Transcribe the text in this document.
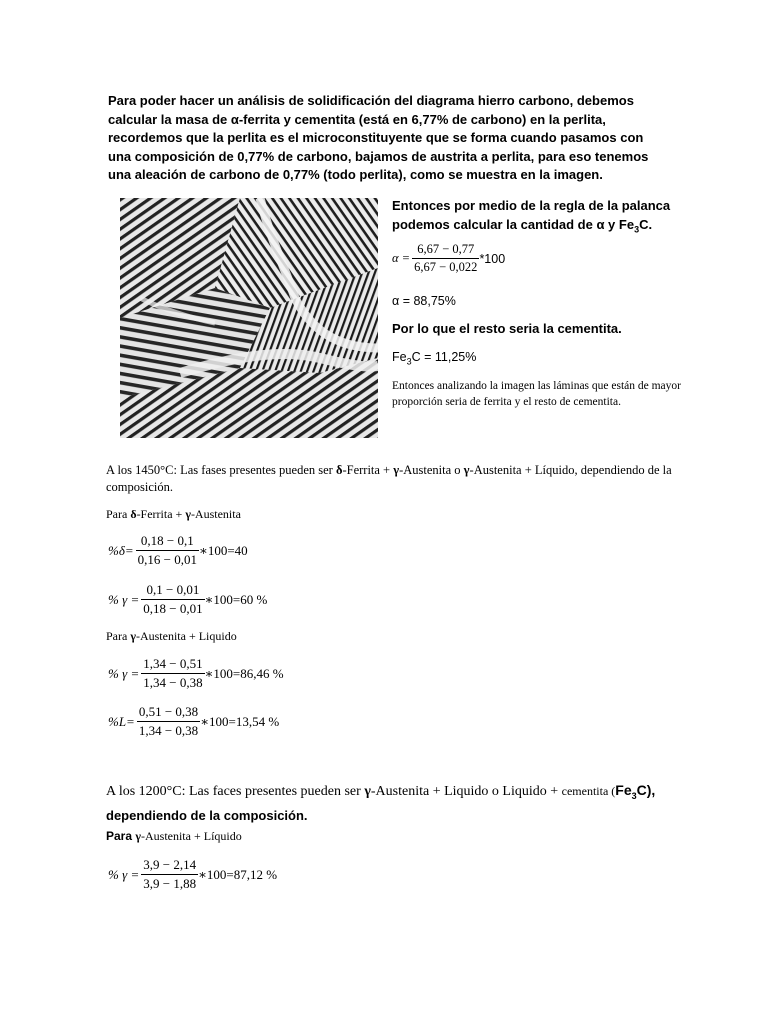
Para poder hacer un análisis de solidificación del diagrama hierro carbono, debemos calcular la masa de α-ferrita y cementita (está en 6,77% de carbono) en la perlita, recordemos que la perlita es el microconstituyente que se forma cuando pasamos con una composición de 0,77% de carbono, bajamos de austrita a perlita, para eso tenemos una aleación de carbono de 0,77% (todo perlita), como se muestra en la imagen.
Entonces por medio de la regla de la palanca podemos calcular la cantidad de α y $Fe_3C$.
$\alpha = \frac{6,67 - 0,77}{6,67 - 0,022} *100$
α = 88,75%
Por lo que el resto seria la cementita.
$Fe_3C = 11,25\%$
Entonces analizando la imagen las láminas que están de mayor proporción seria de ferrita y el resto de cementita.
A los 1450°C: Las fases presentes pueden ser δ-Ferrita + γ-Austenita o γ-Austenita + Líquido, dependiendo de la composición.
Para δ-Ferrita + γ-Austenita
$\%\delta= \frac{0,18 - 0,1}{0,16 - 0,01}$ ∗100=40
% $\gamma = \frac{0,1 - 0,01}{0,18 - 0,01}$ ∗100=60 %
Para γ-Austenita + Liquido
% $\gamma = \frac{1,34 - 0,51}{1,34 - 0,38}$ ∗100=86,46 %
$\%L= \frac{0,51 - 0,38}{1,34 - 0,38}$ ∗100=13,54 %
A los 1200°C: Las faces presentes pueden ser γ-Austenita + Liquido o Liquido + cementita $(Fe_3C)$,
dependiendo de la composición.
Para γ-Austenita + Líquido
% $\gamma = \frac{3,9 - 2,14}{3,9 - 1,88}$ ∗100=87,12 %
